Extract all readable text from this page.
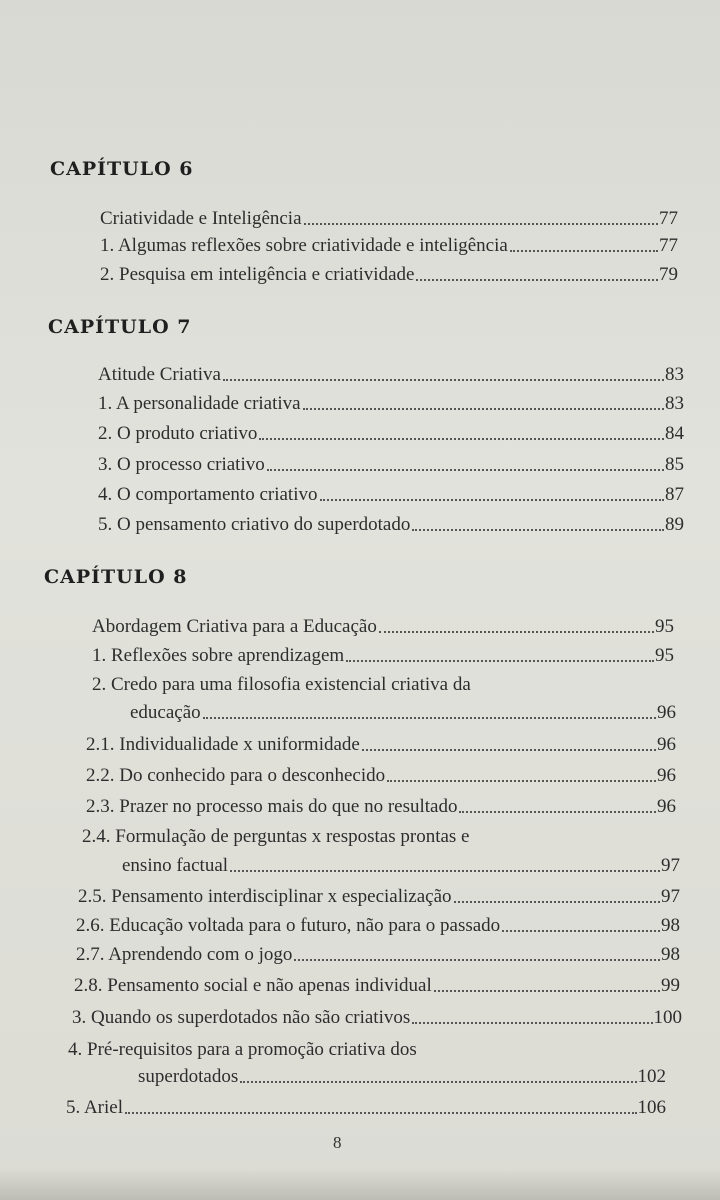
CAPÍTULO 6
Criatividade e Inteligência	77
1. Algumas reflexões sobre criatividade e inteligência	77
2. Pesquisa em inteligência e criatividade	79
CAPÍTULO 7
Atitude Criativa	83
1. A personalidade criativa	83
2. O produto criativo	84
3. O processo criativo	85
4. O comportamento criativo	87
5. O pensamento criativo do superdotado	89
CAPÍTULO 8
Abordagem Criativa para a Educação	95
1. Reflexões sobre aprendizagem	95
2. Credo para uma filosofia existencial criativa da
educação	96
2.1. Individualidade x uniformidade	96
2.2. Do conhecido para o desconhecido	96
2.3. Prazer no processo mais do que no resultado	96
2.4. Formulação de perguntas x respostas prontas e
ensino factual	97
2.5. Pensamento interdisciplinar x especialização	97
2.6. Educação voltada para o futuro, não para o passado	98
2.7. Aprendendo com o jogo	98
2.8. Pensamento social e não apenas individual	99
3. Quando os superdotados não são criativos	100
4. Pré-requisitos para a promoção criativa dos
superdotados	102
5. Ariel	106
8
